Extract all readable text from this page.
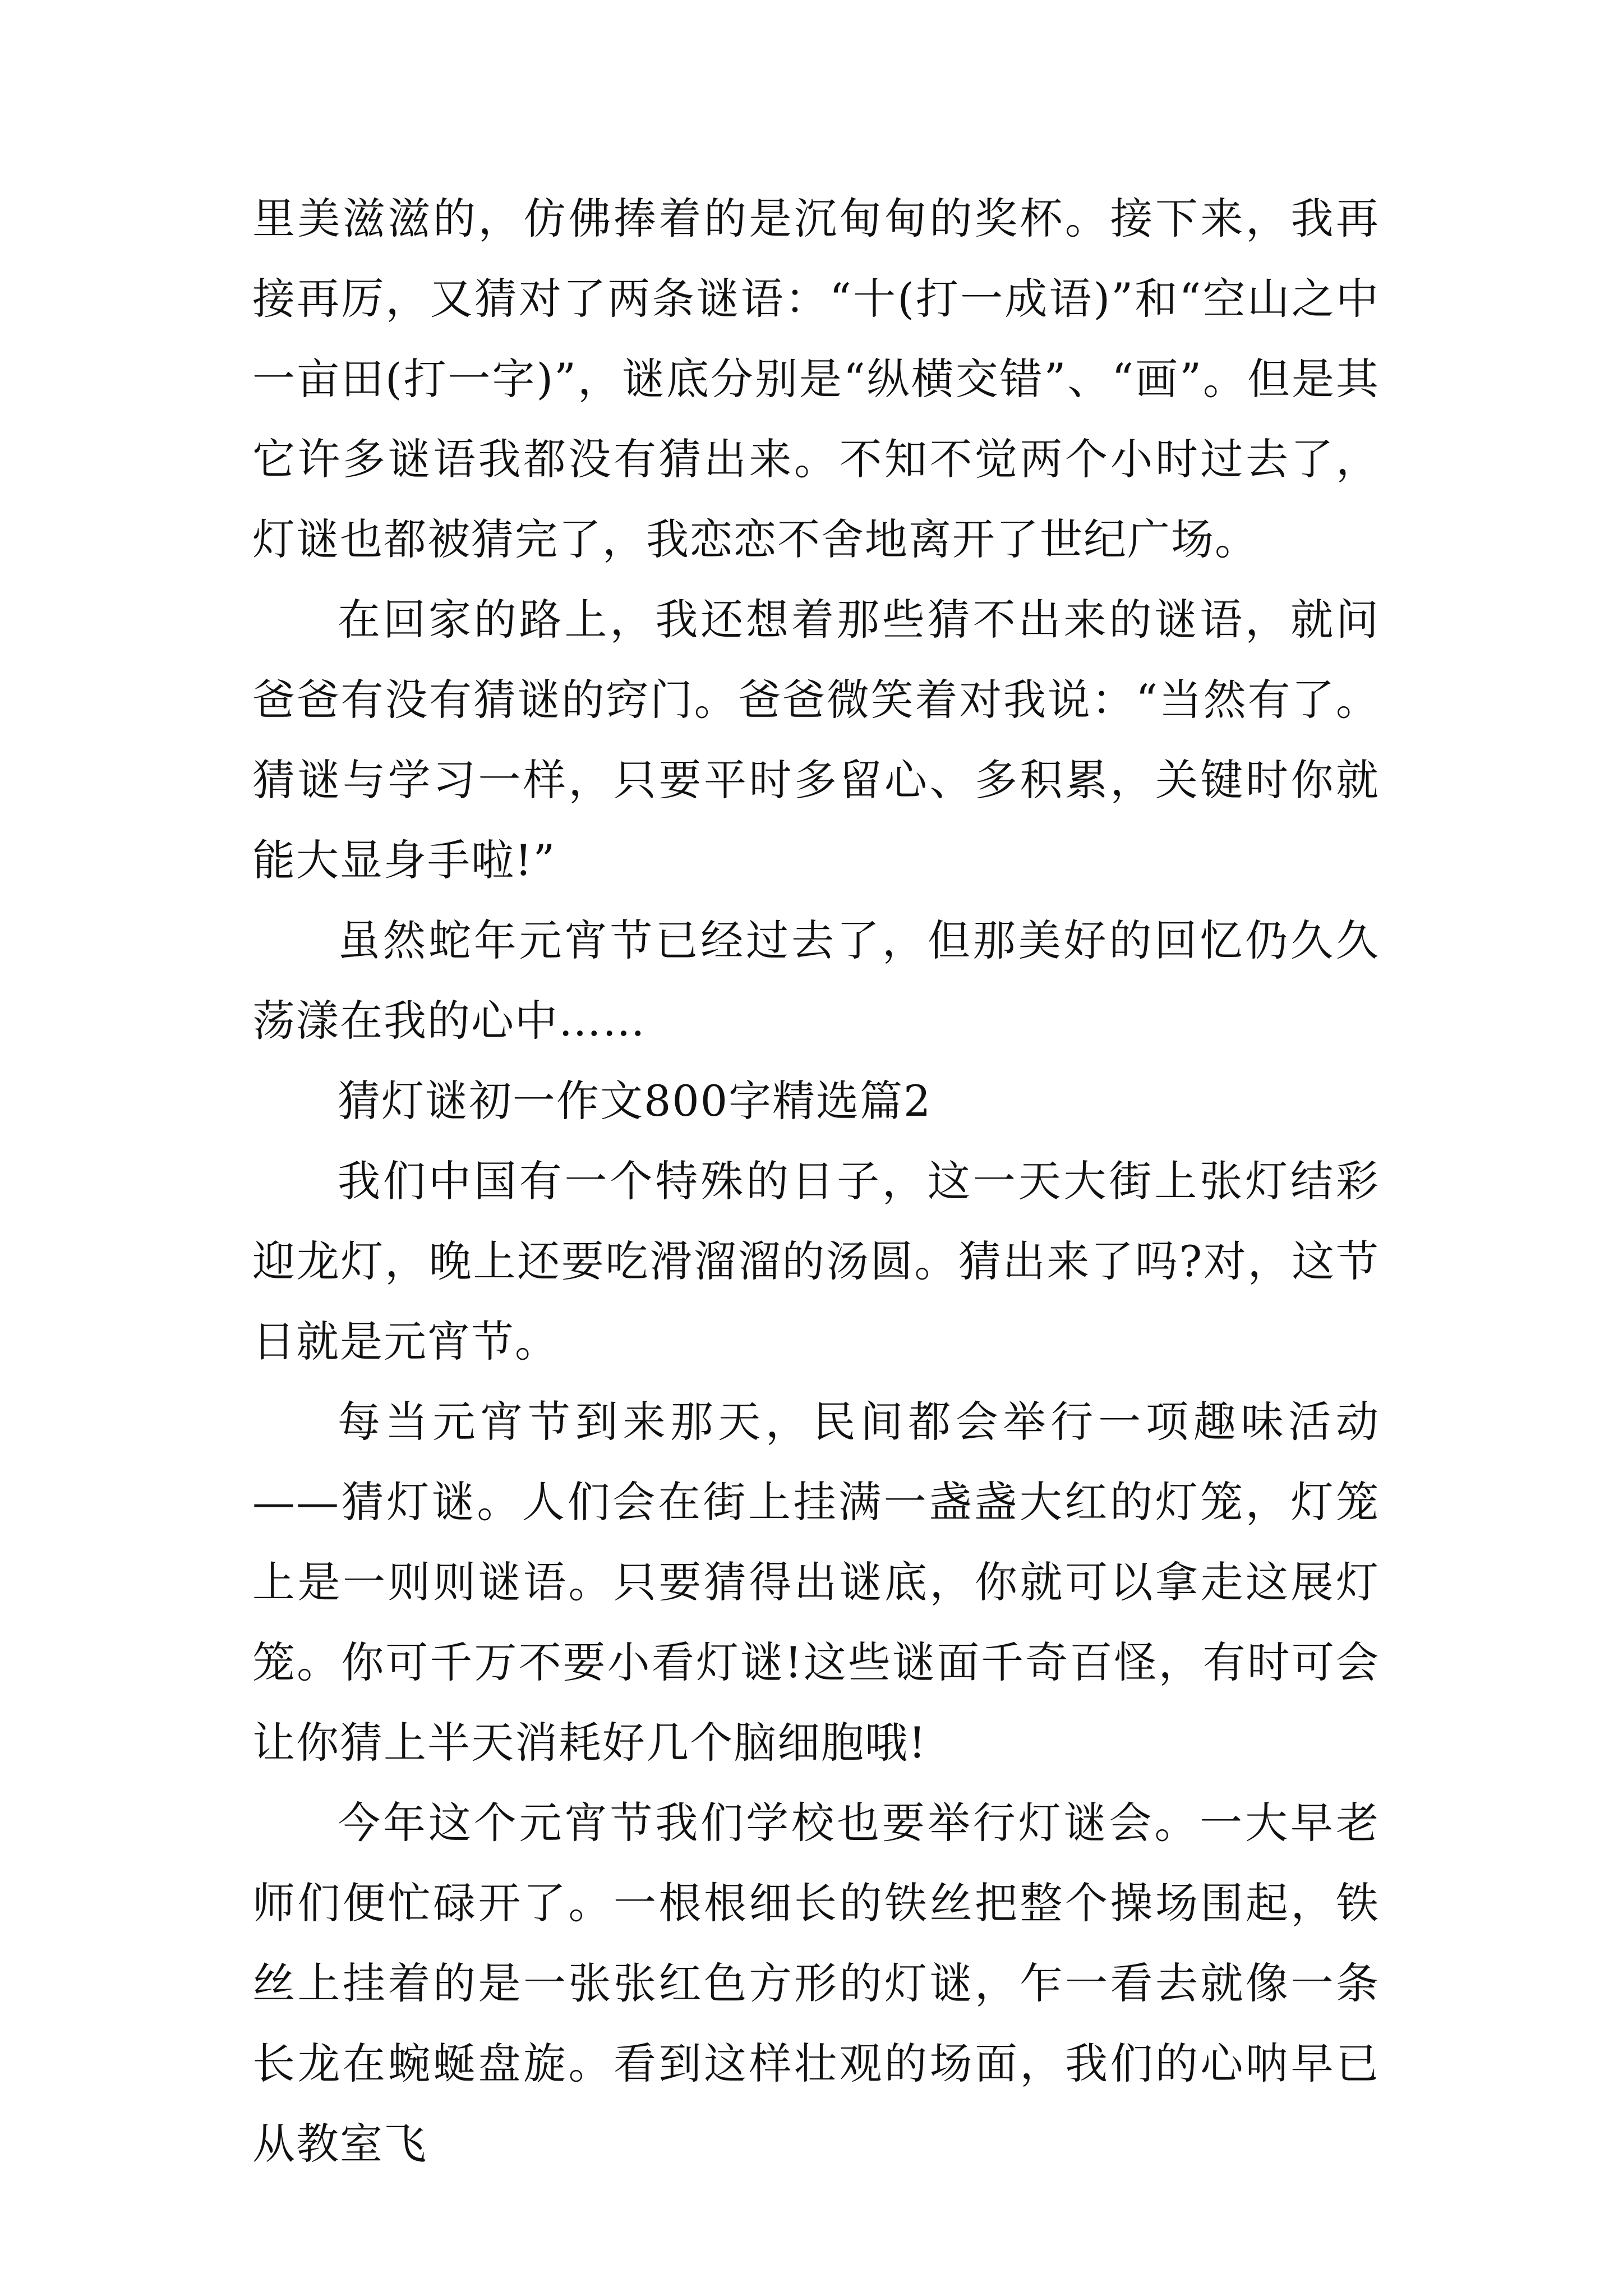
里美滋滋的，仿佛捧着的是沉甸甸的奖杯。接下来，我再接再厉，又猜对了两条谜语：“十(打一成语)”和“空山之中一亩田(打一字)”，谜底分别是“纵横交错”、“画”。但是其它许多谜语我都没有猜出来。不知不觉两个小时过去了，灯谜也都被猜完了，我恋恋不舍地离开了世纪广场。

在回家的路上，我还想着那些猜不出来的谜语，就问爸爸有没有猜谜的窍门。爸爸微笑着对我说：“当然有了。猜谜与学习一样，只要平时多留心、多积累，关键时你就能大显身手啦!”

虽然蛇年元宵节已经过去了，但那美好的回忆仍久久荡漾在我的心中……

猜灯谜初一作文800字精选篇2

我们中国有一个特殊的日子，这一天大街上张灯结彩迎龙灯，晚上还要吃滑溜溜的汤圆。猜出来了吗?对，这节日就是元宵节。

每当元宵节到来那天，民间都会举行一项趣味活动——猜灯谜。人们会在街上挂满一盏盏大红的灯笼，灯笼上是一则则谜语。只要猜得出谜底，你就可以拿走这展灯笼。你可千万不要小看灯谜!这些谜面千奇百怪，有时可会让你猜上半天消耗好几个脑细胞哦!

今年这个元宵节我们学校也要举行灯谜会。一大早老师们便忙碌开了。一根根细长的铁丝把整个操场围起，铁丝上挂着的是一张张红色方形的灯谜，乍一看去就像一条长龙在蜿蜒盘旋。看到这样壮观的场面，我们的心呐早已从教室飞
